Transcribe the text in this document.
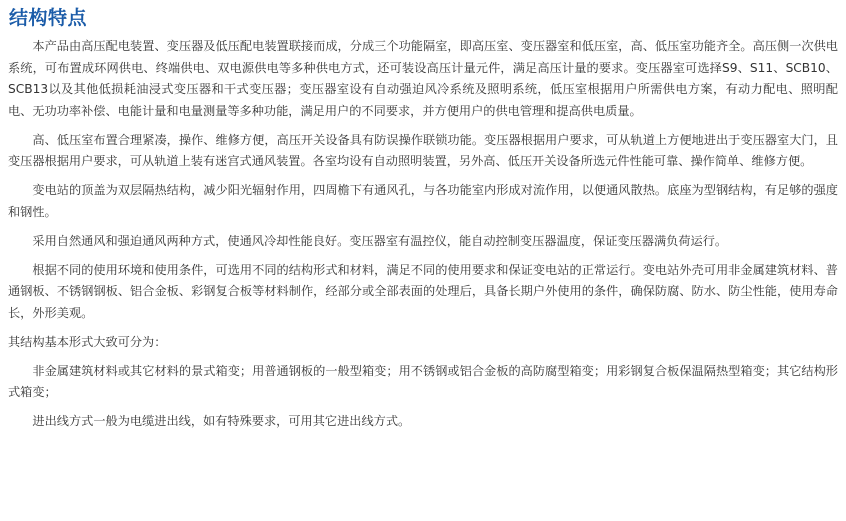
结构特点

本产品由高压配电装置、变压器及低压配电装置联接而成，分成三个功能隔室，即高压室、变压器室和低压室，高、低压室功能齐全。高压侧一次供电系统，可布置成环网供电、终端供电、双电源供电等多种供电方式，还可装设高压计量元件，满足高压计量的要求。变压器室可选择S9、S11、SCB10、SCB13以及其他低损耗油浸式变压器和干式变压器；变压器室设有自动强迫风冷系统及照明系统，低压室根据用户所需供电方案，有动力配电、照明配电、无功功率补偿、电能计量和电量测量等多种功能，满足用户的不同要求，并方便用户的供电管理和提高供电质量。

高、低压室布置合理紧凑，操作、维修方便，高压开关设备具有防误操作联锁功能。变压器根据用户要求，可从轨道上方便地进出于变压器室大门，且变压器根据用户要求，可从轨道上装有迷宫式通风装置。各室均设有自动照明装置，另外高、低压开关设备所选元件性能可靠、操作简单、维修方便。

变电站的顶盖为双层隔热结构，减少阳光辐射作用，四周檐下有通风孔，与各功能室内形成对流作用，以便通风散热。底座为型钢结构，有足够的强度和钢性。

采用自然通风和强迫通风两种方式，使通风冷却性能良好。变压器室有温控仪，能自动控制变压器温度，保证变压器满负荷运行。

根据不同的使用环境和使用条件，可选用不同的结构形式和材料，满足不同的使用要求和保证变电站的正常运行。变电站外壳可用非金属建筑材料、普通钢板、不锈钢钢板、铝合金板、彩钢复合板等材料制作，经部分或全部表面的处理后，具备长期户外使用的条件，确保防腐、防水、防尘性能，使用寿命长，外形美观。

其结构基本形式大致可分为：

非金属建筑材料或其它材料的景式箱变；用普通钢板的一般型箱变；用不锈钢或铝合金板的高防腐型箱变；用彩钢复合板保温隔热型箱变；其它结构形式箱变；

进出线方式一般为电缆进出线，如有特殊要求，可用其它进出线方式。
